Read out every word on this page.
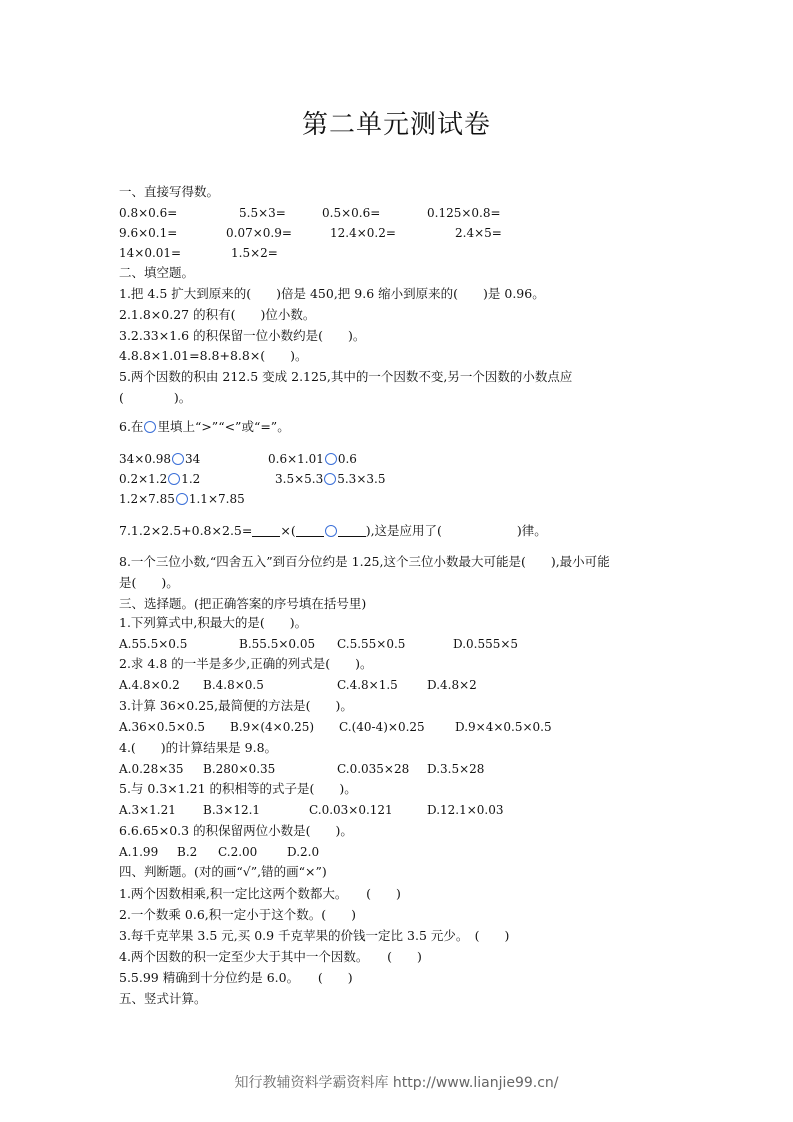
第二单元测试卷
一、直接写得数。
0.8×0.6=	5.5×3=	0.5×0.6=	0.125×0.8=
9.6×0.1=	0.07×0.9=	12.4×0.2=	2.4×5=
14×0.01=	1.5×2=
二、填空题。
1.把 4.5 扩大到原来的(　　)倍是 450,把 9.6 缩小到原来的(　　)是 0.96。
2.1.8×0.27 的积有(　　)位小数。
3.2.33×1.6 的积保留一位小数约是(　　)。
4.8.8×1.01=8.8+8.8×(　　)。
5.两个因数的积由 212.5 变成 2.125,其中的一个因数不变,另一个因数的小数点应
(　　　　)。
6.在 里填上“>”“<”或“=”。
34×0.98 34	0.6×1.01 0.6
0.2×1.2 1.2	3.5×5.3 5.3×3.5
1.2×7.85 1.1×7.85
7.1.2×2.5+0.8×2.5= ×(	),这是应用了(　　　　　　)律。
8.一个三位小数,“四舍五入”到百分位约是 1.25,这个三位小数最大可能是(　　),最小可能
是(　　)。
三、选择题。(把正确答案的序号填在括号里)
1.下列算式中,积最大的是(　　)。
A.55.5×0.5	B.55.5×0.05 C.5.55×0.5	D.0.555×5
2.求 4.8 的一半是多少,正确的列式是(　　)。
A.4.8×0.2 B.4.8×0.5	C.4.8×1.5 D.4.8×2
3.计算 36×0.25,最简便的方法是(　　)。
A.36×0.5×0.5 B.9×(4×0.25) C.(40-4)×0.25	D.9×4×0.5×0.5
4.(　　)的计算结果是 9.8。
A.0.28×35 B.280×0.35	C.0.035×28 D.3.5×28
5.与 0.3×1.21 的积相等的式子是(　　)。
A.3×1.21 B.3×12.1	C.0.03×0.121	D.12.1×0.03
6.6.65×0.3 的积保留两位小数是(　　)。
A.1.99 B.2 C.2.00 D.2.0
四、判断题。(对的画“√”,错的画“×”)
1.两个因数相乘,积一定比这两个数都大。　　(　　)
2.一个数乘 0.6,积一定小于这个数。(　　)
3.每千克苹果 3.5 元,买 0.9 千克苹果的价钱一定比 3.5 元少。　(　　)
4.两个因数的积一定至少大于其中一个因数。　　(　　)
5.5.99 精确到十分位约是 6.0。　　(　　)
五、竖式计算。
知行教辅资料学霸资料库 http://www.lianjie99.cn/
